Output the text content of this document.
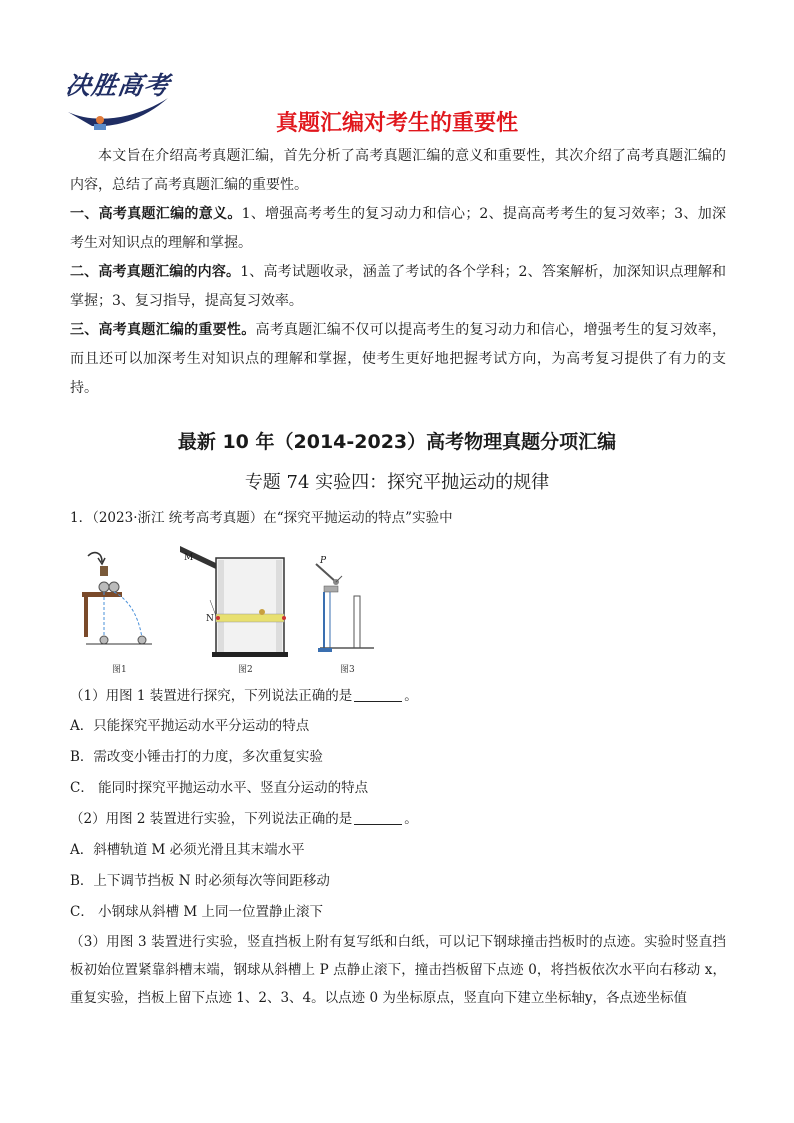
决胜高考
真题汇编对考生的重要性

本文旨在介绍高考真题汇编，首先分析了高考真题汇编的意义和重要性，其次介绍了高考真题汇编的内容，总结了高考真题汇编的重要性。

一、高考真题汇编的意义。1、增强高考考生的复习动力和信心；2、提高高考考生的复习效率；3、加深考生对知识点的理解和掌握。

二、高考真题汇编的内容。1、高考试题收录，涵盖了考试的各个学科；2、答案解析，加深知识点理解和掌握；3、复习指导，提高复习效率。

三、高考真题汇编的重要性。高考真题汇编不仅可以提高考生的复习动力和信心，增强考生的复习效率，而且还可以加深考生对知识点的理解和掌握，使考生更好地把握考试方向，为高考复习提供了有力的支持。

最新 10 年（2014-2023）高考物理真题分项汇编
专题 74 实验四：探究平抛运动的规律
1．（2023·浙江 统考高考真题）在“探究平抛运动的特点”实验中
图1
M
N
图2
P
图3
（1）用图 1 装置进行探究，下列说法正确的是	。
A．只能探究平抛运动水平分运动的特点
B．需改变小锤击打的力度，多次重复实验
C． 能同时探究平抛运动水平、竖直分运动的特点
（2）用图 2 装置进行实验，下列说法正确的是	。
A．斜槽轨道 M 必须光滑且其末端水平
B．上下调节挡板 N 时必须每次等间距移动
C． 小钢球从斜槽 M 上同一位置静止滚下

（3）用图 3 装置进行实验，竖直挡板上附有复写纸和白纸，可以记下钢球撞击挡板时的点迹。实验时竖直挡板初始位置紧靠斜槽末端，钢球从斜槽上 P 点静止滚下，撞击挡板留下点迹 0，将挡板依次水平向右移动 x，重复实验，挡板上留下点迹 1、2、3、4。以点迹 0 为坐标原点，竖直向下建立坐标轴y，各点迹坐标值
